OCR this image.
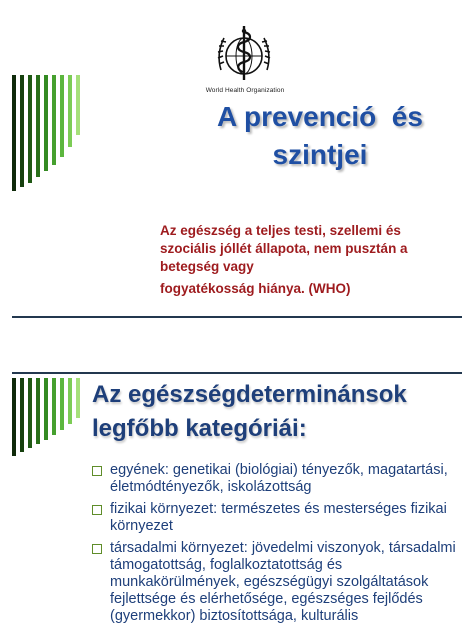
World Health Organization
A prevenció  és
szintjei

Az egészség a teljes testi, szellemi és szociális jóllét állapota, nem pusztán a betegség vagy

fogyatékosság hiánya. (WHO)

Az egészségdeterminánsok
legfőbb kategóriái:
egyének: genetikai (biológiai) tényezők, magatartási, életmódtényezők, iskolázottság
fizikai környezet: természetes és mesterséges fizikai környezet
társadalmi környezet: jövedelmi viszonyok, társadalmi támogatottság, foglalkoztatottság és munkakörülmények, egészségügyi szolgáltatások fejlettsége és elérhetősége, egészséges fejlődés (gyermekkor) biztosítottsága, kulturális
